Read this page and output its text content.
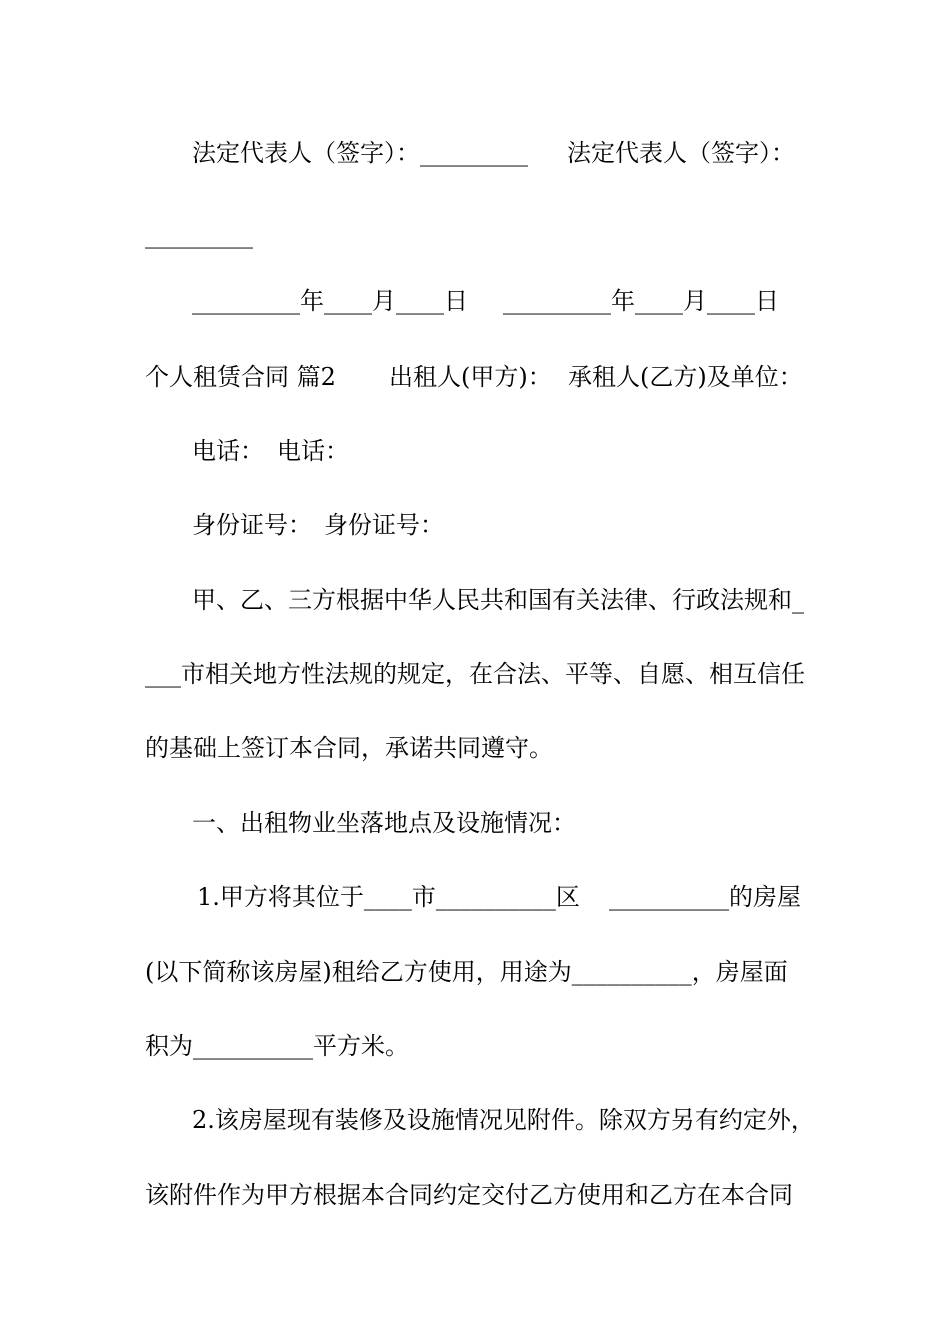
法定代表人（签字）：_________

法定代表人（签字）：

_________

_________年____月____日

_________年____月____日

个人租赁合同 篇2

出租人(甲方)：

承租人(乙方)及单位：

电话：

电话：

身份证号：

身份证号：

甲、乙、三方根据中华人民共和国有关法律、行政法规和_

___市相关地方性法规的规定，在合法、平等、自愿、相互信任

的基础上签订本合同，承诺共同遵守。

一、出租物业坐落地点及设施情况：

1.甲方将其位于____市__________区

__________的房屋

(以下简称该房屋)租给乙方使用，用途为__________，房屋面

积为__________平方米。

2.该房屋现有装修及设施情况见附件。除双方另有约定外，

该附件作为甲方根据本合同约定交付乙方使用和乙方在本合同
